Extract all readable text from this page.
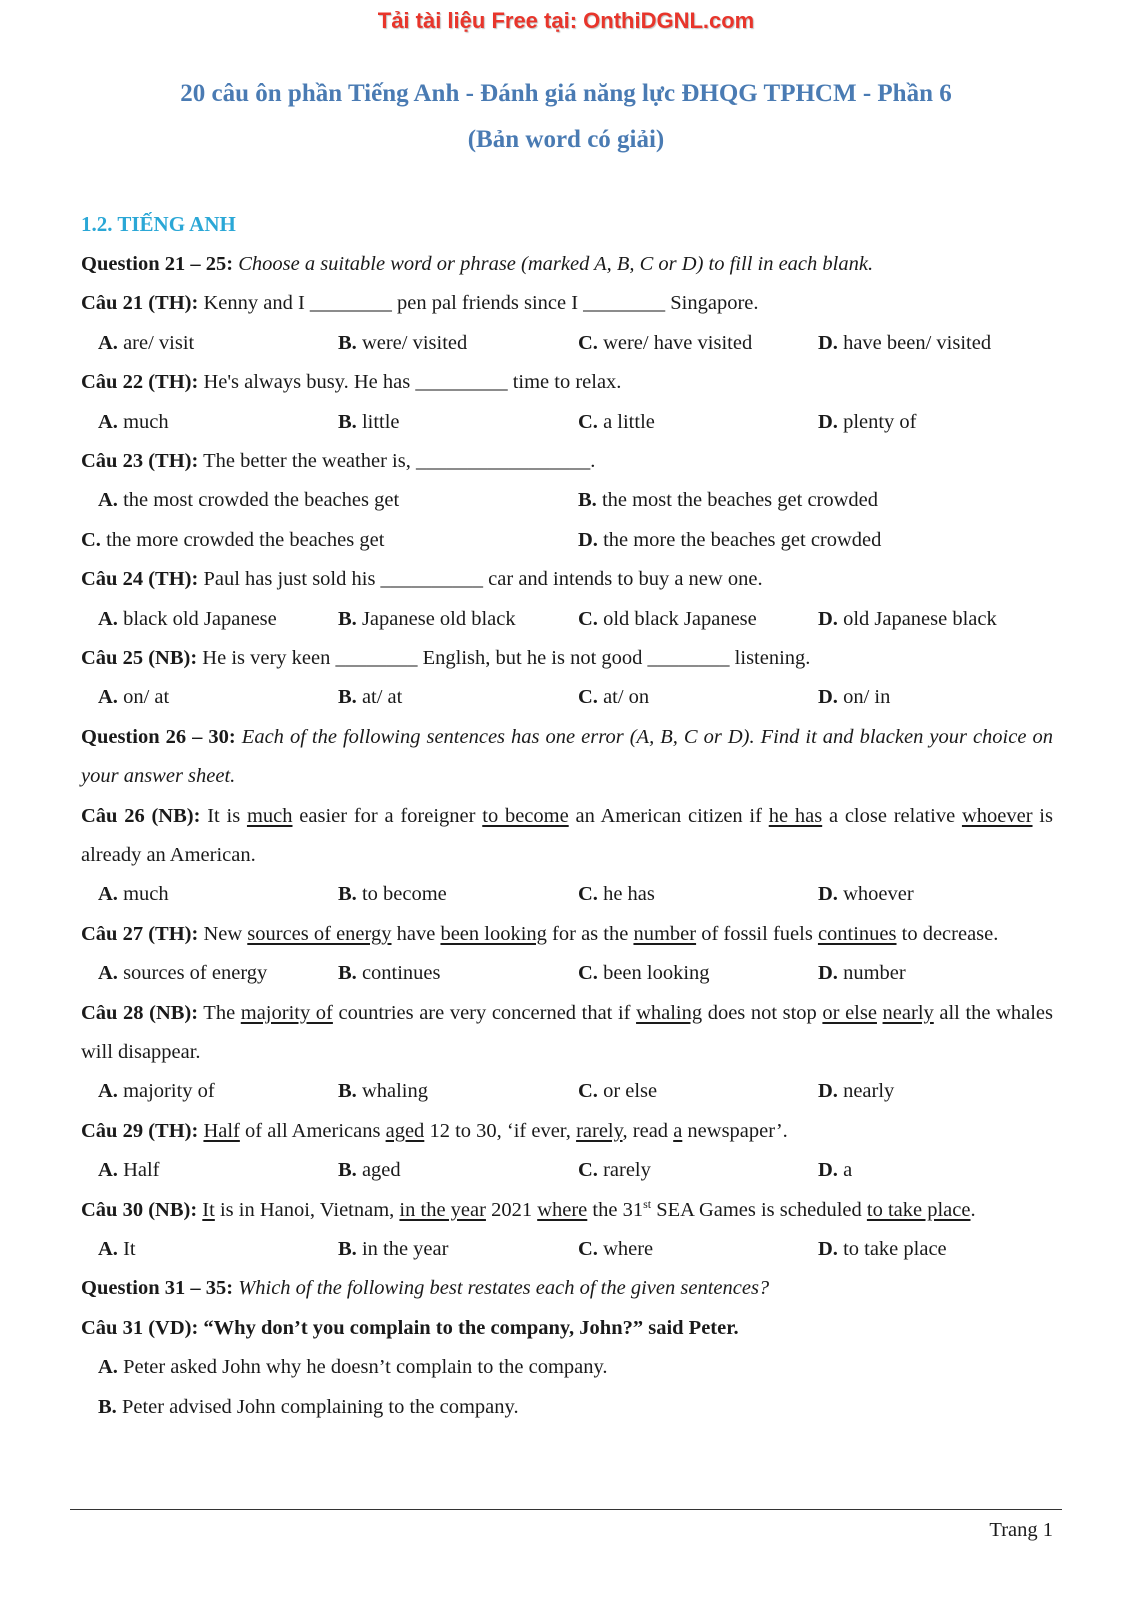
Tải tài liệu Free tại: OnthiDGNL.com
20 câu ôn phần Tiếng Anh - Đánh giá năng lực ĐHQG TPHCM - Phần 6
(Bản word có giải)
1.2. TIẾNG ANH
Question 21 – 25: Choose a suitable word or phrase (marked A, B, C or D) to fill in each blank.
Câu 21 (TH): Kenny and I ________ pen pal friends since I ________ Singapore.
A. are/ visit	B. were/ visited	C. were/ have visited	D. have been/ visited
Câu 22 (TH): He's always busy. He has _________ time to relax.
A. much	B. little	C. a little	D. plenty of
Câu 23 (TH): The better the weather is, _________________.
A. the most crowded the beaches get	B. the most the beaches get crowded
C. the more crowded the beaches get	D. the more the beaches get crowded
Câu 24 (TH): Paul has just sold his __________ car and intends to buy a new one.
A. black old Japanese	B. Japanese old black	C. old black Japanese	D. old Japanese black
Câu 25 (NB): He is very keen ________ English, but he is not good ________ listening.
A. on/ at	B. at/ at	C. at/ on	D. on/ in
Question 26 – 30: Each of the following sentences has one error (A, B, C or D). Find it and blacken your choice on your answer sheet.
Câu 26 (NB): It is much easier for a foreigner to become an American citizen if he has a close relative whoever is already an American.
A. much	B. to become	C. he has	D. whoever
Câu 27 (TH): New sources of energy have been looking for as the number of fossil fuels continues to decrease.
A. sources of energy	B. continues	C. been looking	D. number
Câu 28 (NB): The majority of countries are very concerned that if whaling does not stop or else nearly all the whales will disappear.
A. majority of	B. whaling	C. or else	D. nearly
Câu 29 (TH): Half of all Americans aged 12 to 30, ‘if ever, rarely, read a newspaper’.
A. Half	B. aged	C. rarely	D. a
Câu 30 (NB): It is in Hanoi, Vietnam, in the year 2021 where the 31st SEA Games is scheduled to take place.
A. It	B. in the year	C. where	D. to take place
Question 31 – 35: Which of the following best restates each of the given sentences?
Câu 31 (VD): “Why don’t you complain to the company, John?” said Peter.
A. Peter asked John why he doesn’t complain to the company.
B. Peter advised John complaining to the company.
Trang 1
